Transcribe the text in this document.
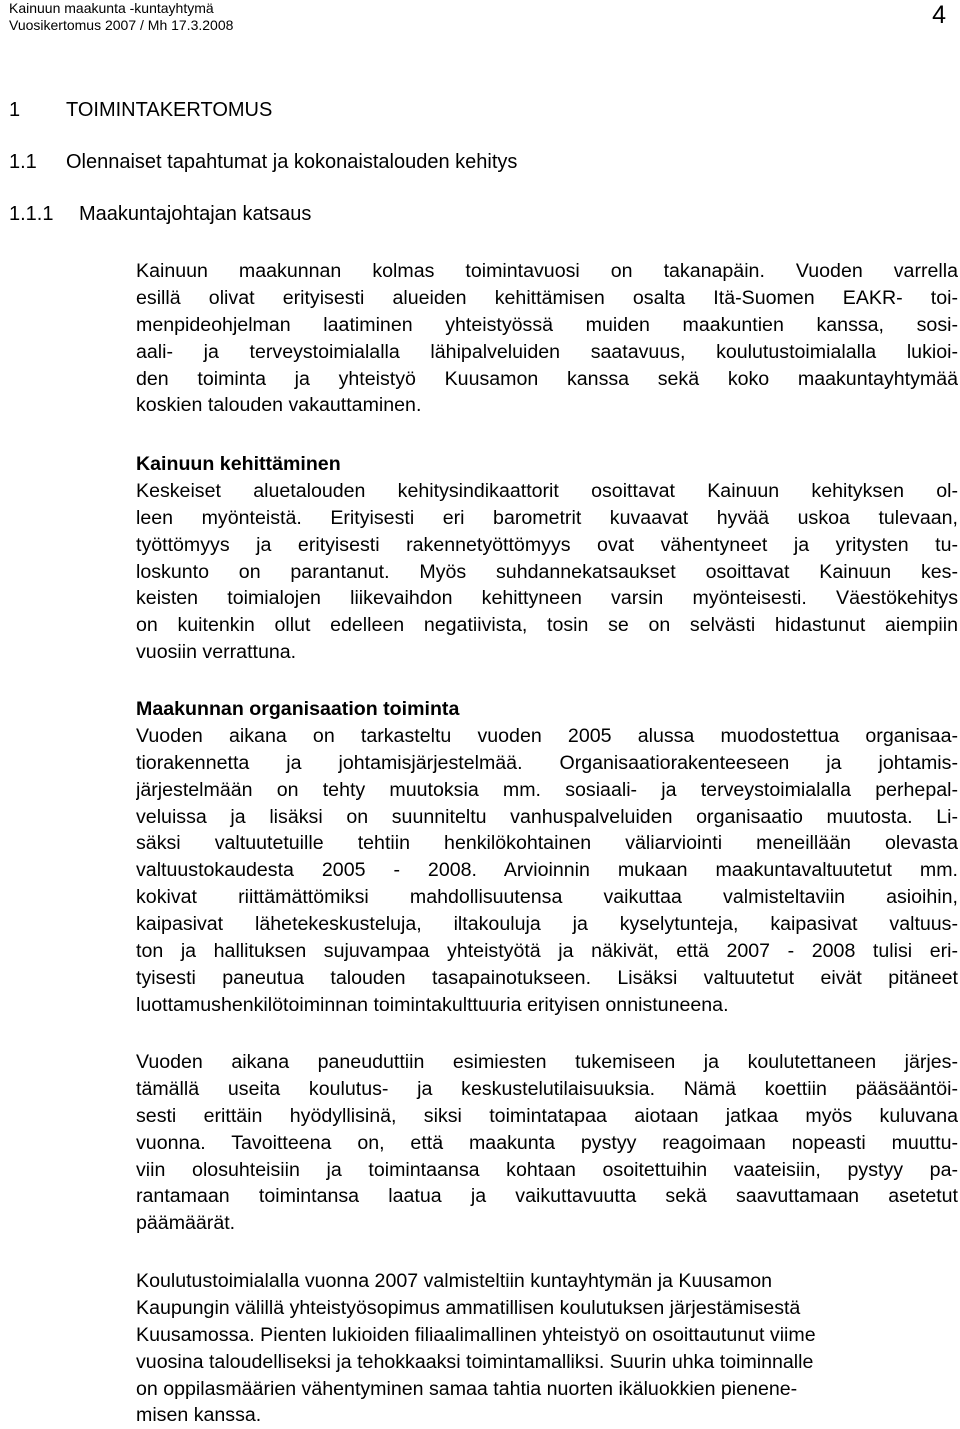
Kainuun maakunta -kuntayhtymä
Vuosikertomus 2007 / Mh 17.3.2008	4
1 TOIMINTAKERTOMUS
1.1 Olennaiset tapahtumat ja kokonaistalouden kehitys
1.1.1 Maakuntajohtajan katsaus
Kainuun maakunnan kolmas toimintavuosi on takanapäin. Vuoden varrella
esillä olivat erityisesti alueiden kehittämisen osalta Itä-Suomen EAKR- toi-
menpideohjelman laatiminen yhteistyössä muiden maakuntien kanssa, sosi-
aali- ja terveystoimialalla lähipalveluiden saatavuus, koulutustoimialalla lukioi-
den toiminta ja yhteistyö Kuusamon kanssa sekä koko maakuntayhtymää
koskien talouden vakauttaminen.
Kainuun kehittäminen
Keskeiset aluetalouden kehitysindikaattorit osoittavat Kainuun kehityksen ol-
leen myönteistä. Erityisesti eri barometrit kuvaavat hyvää uskoa tulevaan,
työttömyys ja erityisesti rakennetyöttömyys ovat vähentyneet ja yritysten tu-
loskunto on parantanut. Myös suhdannekatsaukset osoittavat Kainuun kes-
keisten toimialojen liikevaihdon kehittyneen varsin myönteisesti. Väestökehitys
on kuitenkin ollut edelleen negatiivista, tosin se on selvästi hidastunut aiempiin
vuosiin verrattuna.
Maakunnan organisaation toiminta
Vuoden aikana on tarkasteltu vuoden 2005 alussa muodostettua organisaa-
tiorakennetta ja johtamisjärjestelmää. Organisaatiorakenteeseen ja johtamis-
järjestelmään on tehty muutoksia mm. sosiaali- ja terveystoimialalla perhepal-
veluissa ja lisäksi on suunniteltu vanhuspalveluiden organisaatio muutosta. Li-
säksi valtuutetuille tehtiin henkilökohtainen väliarviointi meneillään olevasta
valtuustokaudesta 2005 - 2008. Arvioinnin mukaan maakuntavaltuutetut mm.
kokivat riittämättömiksi mahdollisuutensa vaikuttaa valmisteltaviin asioihin,
kaipasivat lähetekeskusteluja, iltakouluja ja kyselytunteja, kaipasivat valtuus-
ton ja hallituksen sujuvampaa yhteistyötä ja näkivät, että 2007 - 2008 tulisi eri-
tyisesti paneutua talouden tasapainotukseen. Lisäksi valtuutetut eivät pitäneet
luottamushenkilötoiminnan toimintakulttuuria erityisen onnistuneena.
Vuoden aikana paneuduttiin esimiesten tukemiseen ja koulutettaneen järjes-
tämällä useita koulutus- ja keskustelutilaisuuksia. Nämä koettiin pääsääntöi-
sesti erittäin hyödyllisinä, siksi toimintatapaa aiotaan jatkaa myös kuluvana
vuonna. Tavoitteena on, että maakunta pystyy reagoimaan nopeasti muuttu-
viin olosuhteisiin ja toimintaansa kohtaan osoitettuihin vaateisiin, pystyy pa-
rantamaan toimintansa laatua ja vaikuttavuutta sekä saavuttamaan asetetut
päämäärät.
Koulutustoimialalla vuonna 2007 valmisteltiin kuntayhtymän ja Kuusamon
Kaupungin välillä yhteistyösopimus ammatillisen koulutuksen järjestämisestä
Kuusamossa. Pienten lukioiden filiaalimallinen yhteistyö on osoittautunut viime
vuosina taloudelliseksi ja tehokkaaksi toimintamalliksi. Suurin uhka toiminnalle
on oppilasmäärien vähentyminen samaa tahtia nuorten ikäluokkien pienene-
misen kanssa.
